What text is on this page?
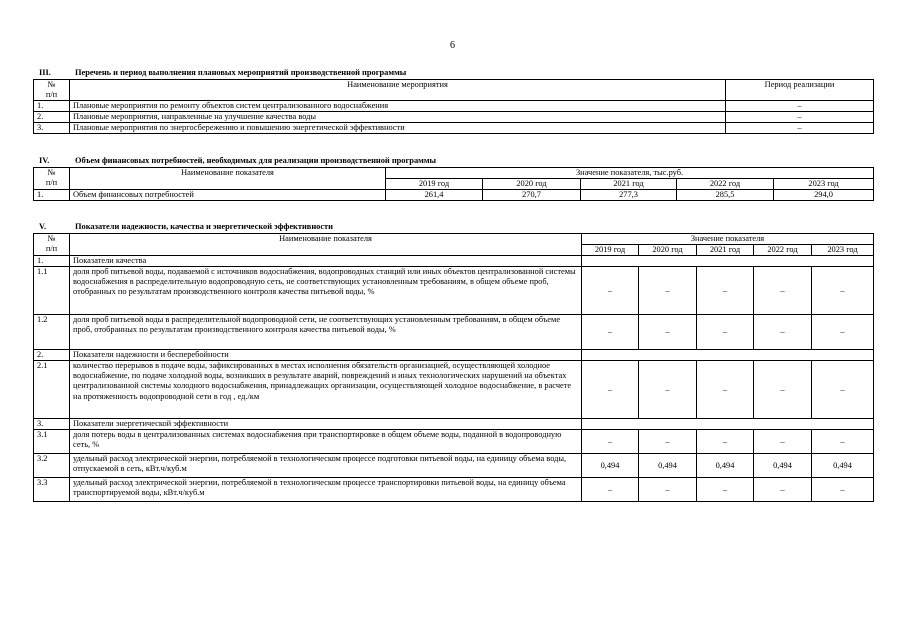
6
III.	Перечень и период выполнения плановых мероприятий производственной программы
№
п/п	Наименование мероприятия	Период реализации
1.	Плановые мероприятия по ремонту объектов систем централизованного водоснабжения	–
2.	Плановые мероприятия, направленные на улучшение качества воды	–
3.	Плановые мероприятия по энергосбережению и повышению энергетической эффективности	–
IV.	Объем финансовых потребностей, необходимых для реализации производственной программы
№
п/п	Наименование показателя	Значение показателя, тыс.руб.				
		2019 год	2020 год	2021 год	2022 год	2023 год
1.	Объем финансовых потребностей	261,4	270,7	277,3	285,5	294,0
V.	Показатели надежности, качества и энергетической эффективности
№
п/п	Наименование показателя	Значение показателя				
		2019 год	2020 год	2021 год	2022 год	2023 год
1.	Показатели качества					
1.1	доля проб питьевой воды, подаваемой с источников водоснабжения, водопроводных станций или иных объектов централизованной системы водоснабжения в распределительную водопроводную сеть, не соответствующих установленным требованиям, в общем объеме проб, отобранных по результатам производственного контроля качества питьевой воды, %	–	–	–	–	–
1.2	доля проб питьевой воды в распределительной водопроводной сети, не соответствующих установленным требованиям, в общем объеме проб, отобранных по результатам производственного контроля качества питьевой воды, %	–	–	–	–	–
2.	Показатели надежности и бесперебойности					
2.1	количество перерывов в подаче воды, зафиксированных в местах исполнения обязательств организацией, осуществляющей холодное водоснабжение, по подаче холодной воды, возникших в результате аварий, повреждений и иных технологических нарушений на объектах централизованной системы холодного водоснабжения, принадлежащих организации, осуществляющей холодное водоснабжение, в расчете на протяженность водопроводной сети в год , ед./км	–	–	–	–	–
3.	Показатели энергетической эффективности					
3.1	доля потерь воды в централизованных системах водоснабжения при транспортировке в общем объеме воды, поданной в водопроводную сеть, %	–	–	–	–	–
3.2	удельный расход электрической энергии, потребляемой в технологическом процессе подготовки питьевой воды, на единицу объема воды, отпускаемой в сеть, кВт.ч/куб.м	0,494	0,494	0,494	0,494	0,494
3.3	удельный расход электрической энергии, потребляемой в технологическом процессе транспортировки питьевой воды, на единицу объема транспортируемой воды, кВт.ч/куб.м	–	–	–	–	–
